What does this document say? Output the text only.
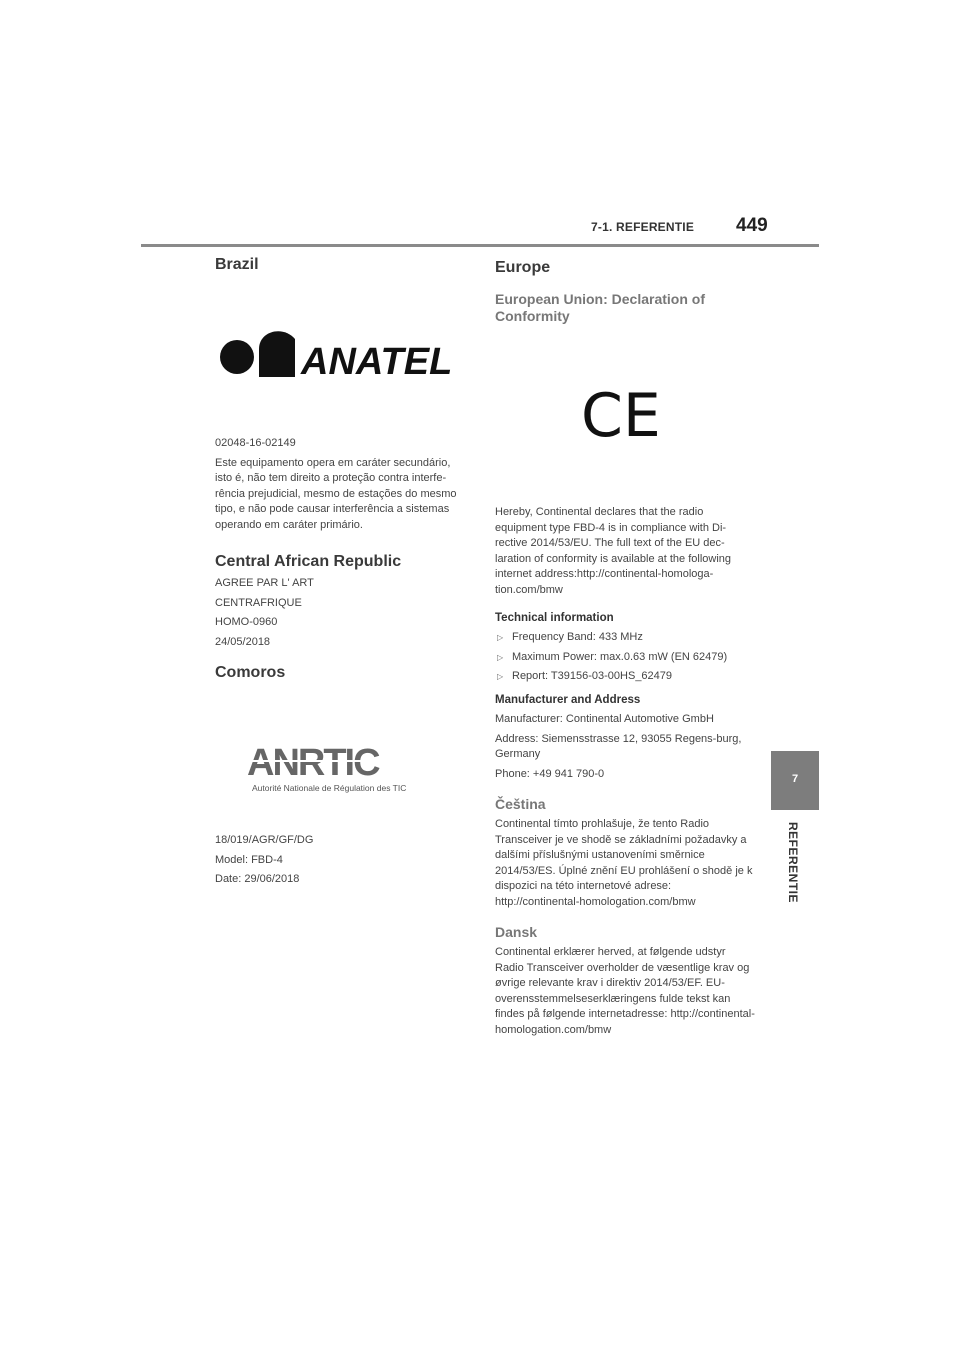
7-1. REFERENTIE 449
7
REFERENTIE
Brazil
ANATEL

02048-16-02149

Este equipamento opera em caráter secundário, isto é, não tem direito a proteção contra interfe-rência prejudicial, mesmo de estações do mesmo tipo, e não pode causar interferência a sistemas operando em caráter primário.

Central African Republic

AGREE PAR L' ART

CENTRAFRIQUE

HOMO-0960

24/05/2018

Comoros
ANRTIC
Autorité Nationale de Régulation des TIC

18/019/AGR/GF/DG

Model: FBD-4

Date: 29/06/2018

Europe
European Union: Declaration of Conformity
CE

Hereby, Continental declares that the radio equipment type FBD-4 is in compliance with Di-rective 2014/53/EU. The full text of the EU dec-laration of conformity is available at the following internet address:http://continental-homologa-tion.com/bmw

Technical information
▷ Frequency Band: 433 MHz
▷ Maximum Power: max.0.63 mW (EN 62479)
▷ Report: T39156-03-00HS_62479
Manufacturer and Address

Manufacturer: Continental Automotive GmbH

Address: Siemensstrasse 12, 93055 Regens-burg, Germany

Phone: +49 941 790-0

Čeština

Continental tímto prohlašuje, že tento Radio Transceiver je ve shodě se základními požadavky a dalšími příslušnými ustanoveními směrnice 2014/53/ES. Úplné znění EU prohlášení o shodě je k dispozici na této internetové adrese: http://continental-homologation.com/bmw

Dansk

Continental erklærer herved, at følgende udstyr Radio Transceiver overholder de væsentlige krav og øvrige relevante krav i direktiv 2014/53/EF. EU-overensstemmelseserklæringens fulde tekst kan findes på følgende internetadresse: http://continental-homologation.com/bmw
